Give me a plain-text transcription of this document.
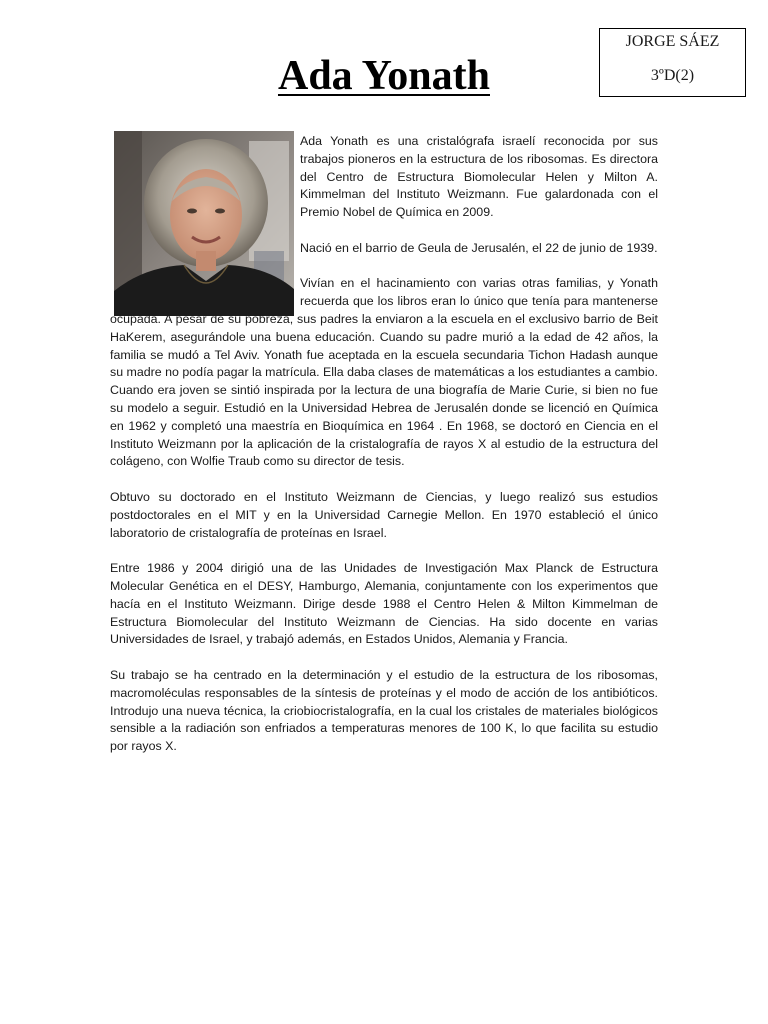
JORGE SÁEZ
3ºD(2)
Ada Yonath

Ada Yonath es una cristalógrafa israelí reconocida por sus trabajos pioneros en la estructura de los ribosomas. Es directora del Centro de Estructura Biomolecular Helen y Milton A. Kimmelman del Instituto Weizmann. Fue galardonada con el Premio Nobel de Química en 2009.

Nació en el barrio de Geula de Jerusalén, el 22 de junio de 1939.

Vivían en el hacinamiento con varias otras familias, y Yonath recuerda que los libros eran lo único que tenía para mantenerse ocupada. A pesar de su pobreza, sus padres la enviaron a la escuela en el exclusivo barrio de Beit HaKerem, asegurándole una buena educación. Cuando su padre murió a la edad de 42 años, la familia se mudó a Tel Aviv. Yonath fue aceptada en la escuela secundaria Tichon Hadash aunque su madre no podía pagar la matrícula. Ella daba clases de matemáticas a los estudiantes a cambio. Cuando era joven se sintió inspirada por la lectura de una biografía de Marie Curie, si bien no fue su modelo a seguir. Estudió en la Universidad Hebrea de Jerusalén donde se licenció en Química en 1962 y completó una maestría en Bioquímica en 1964 . En 1968, se doctoró en Ciencia en el Instituto Weizmann por la aplicación de la cristalografía de rayos X al estudio de la estructura del colágeno, con Wolfie Traub como su director de tesis.

Obtuvo su doctorado en el Instituto Weizmann de Ciencias, y luego realizó sus estudios postdoctorales en el MIT y en la Universidad Carnegie Mellon. En 1970 estableció el único laboratorio de cristalografía de proteínas en Israel.

Entre 1986 y 2004 dirigió una de las Unidades de Investigación Max Planck de Estructura Molecular Genética en el DESY, Hamburgo, Alemania, conjuntamente con los experimentos que hacía en el Instituto Weizmann. Dirige desde 1988 el Centro Helen & Milton Kimmelman de Estructura Biomolecular del Instituto Weizmann de Ciencias. Ha sido docente en varias Universidades de Israel, y trabajó además, en Estados Unidos, Alemania y Francia.

Su trabajo se ha centrado en la determinación y el estudio de la estructura de los ribosomas, macromoléculas responsables de la síntesis de proteínas y el modo de acción de los antibióticos. Introdujo una nueva técnica, la criobiocristalografía, en la cual los cristales de materiales biológicos sensible a la radiación son enfriados a temperaturas menores de 100 K, lo que facilita su estudio por rayos X.
